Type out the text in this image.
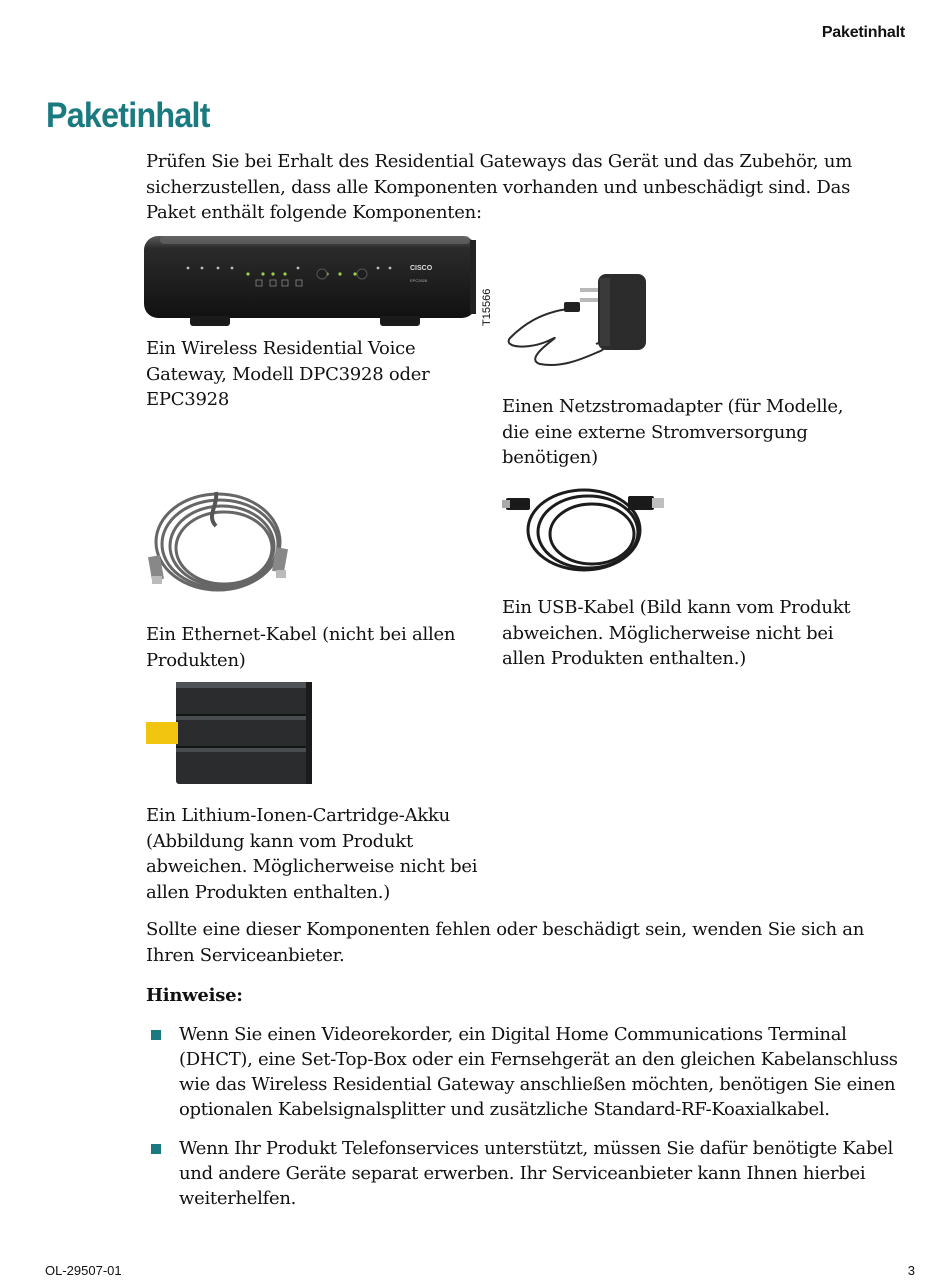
Paketinhalt
Paketinhalt

Prüfen Sie bei Erhalt des Residential Gateways das Gerät und das Zubehör, um sicherzustellen, dass alle Komponenten vorhanden und unbeschädigt sind. Das Paket enthält folgende Komponenten:

CISCO
EPC3928
T15566

Ein Wireless Residential Voice Gateway, Modell DPC3928 oder EPC3928	Einen Netzstromadapter (für Modelle, die eine externe Stromversorgung benötigen)

Ein Ethernet-Kabel (nicht bei allen Produkten)

Ein USB-Kabel (Bild kann vom Produkt abweichen. Möglicherweise nicht bei allen Produkten enthalten.)

Ein Lithium-Ionen-Cartridge-Akku (Abbildung kann vom Produkt abweichen. Möglicherweise nicht bei allen Produkten enthalten.)

Sollte eine dieser Komponenten fehlen oder beschädigt sein, wenden Sie sich an Ihren Serviceanbieter.

Hinweise:

Wenn Sie einen Videorekorder, ein Digital Home Communications Terminal (DHCT), eine Set-Top-Box oder ein Fernsehgerät an den gleichen Kabelanschluss wie das Wireless Residential Gateway anschließen möchten, benötigen Sie einen optionalen Kabelsignalsplitter und zusätzliche Standard-RF-Koaxialkabel.
Wenn Ihr Produkt Telefonservices unterstützt, müssen Sie dafür benötigte Kabel und andere Geräte separat erwerben. Ihr Serviceanbieter kann Ihnen hierbei weiterhelfen.
OL-29507-01	3
